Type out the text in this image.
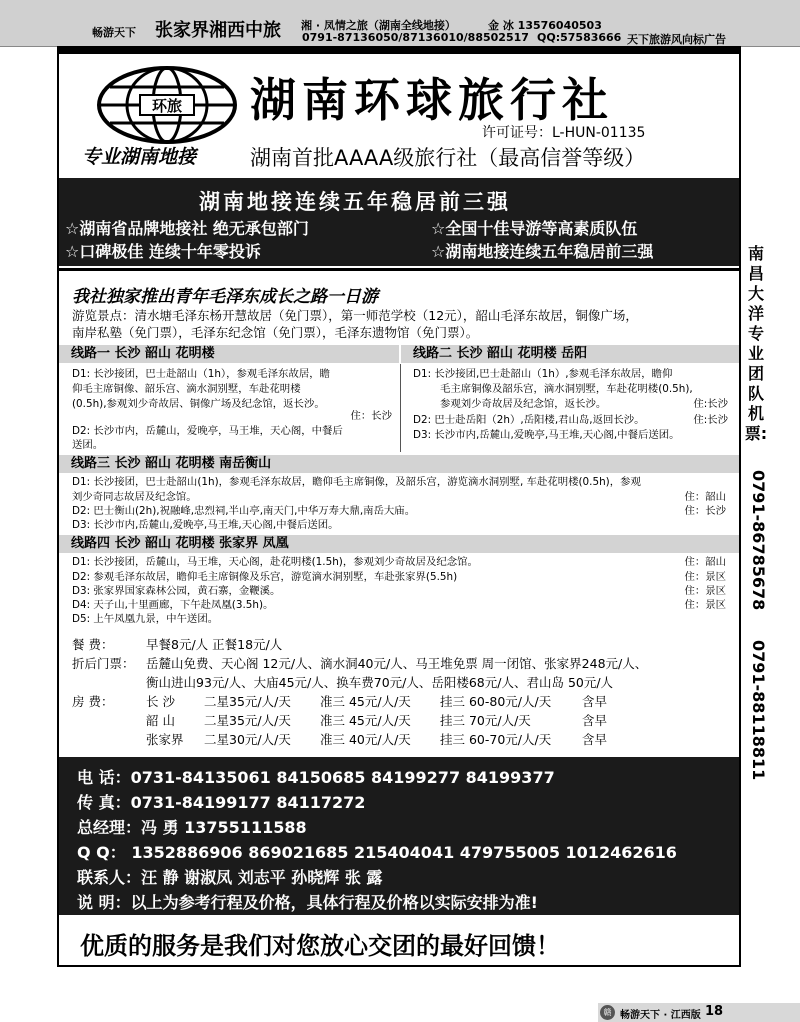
畅游天下 张家界湘西中旅 湘 · 凤情之旅（湖南全线地接）	金 冰 13576040503
0791-87136050/87136010/88502517 QQ:57583666 天下旅游风向标广告
环旅
专业湖南地接
湖南环球旅行社
许可证号：L-HUN-01135
湖南首批AAAA级旅行社（最高信誉等级）
湖南地接连续五年稳居前三强
☆湖南省品牌地接社 绝无承包部门	☆全国十佳导游等高素质队伍
☆口碑极佳 连续十年零投诉	☆湖南地接连续五年稳居前三强
我社独家推出青年毛泽东成长之路一日游
游览景点：清水塘毛泽东杨开慧故居（免门票），第一师范学校（12元），韶山毛泽东故居，铜像广场，
南岸私塾（免门票），毛泽东纪念馆（免门票），毛泽东遗物馆（免门票）。
线路一 长沙 韶山 花明楼	线路二 长沙 韶山 花明楼 岳阳
D1: 长沙接团，巴士赴韶山（1h），参观毛泽东故居，瞻
仰毛主席铜像、韶乐宫、滴水洞别墅，车赴花明楼
(0.5h),参观刘少奇故居、铜像广场及纪念馆，返长沙。
住：长沙
D2: 长沙市内，岳麓山，爱晚亭，马王堆，天心阁，中餐后
送团。
D1: 长沙接团,巴士赴韶山（1h）,参观毛泽东故居，瞻仰
毛主席铜像及韶乐宫，滴水洞别墅，车赴花明楼(0.5h),
参观刘少奇故居及纪念馆，返长沙。	住:长沙
D2: 巴士赴岳阳（2h）,岳阳楼,君山岛,返回长沙。	住:长沙
D3: 长沙市内,岳麓山,爱晚亭,马王堆,天心阁,中餐后送团。
线路三 长沙 韶山 花明楼 南岳衡山
D1: 长沙接团，巴士赴韶山(1h)，参观毛泽东故居，瞻仰毛主席铜像，及韶乐宫，游览滴水洞别墅, 车赴花明楼(0.5h)，参观
刘少奇同志故居及纪念馆。	住：韶山
D2: 巴士衡山(2h),祝融峰,忠烈祠,半山亭,南天门,中华万寿大鼎,南岳大庙。	住：长沙
D3: 长沙市内,岳麓山,爱晚亭,马王堆,天心阁,中餐后送团。
线路四 长沙 韶山 花明楼 张家界 凤凰
D1: 长沙接团，岳麓山，马王堆，天心阁，赴花明楼(1.5h)，参观刘少奇故居及纪念馆。	住：韶山
D2: 参观毛泽东故居，瞻仰毛主席铜像及乐宫，游览滴水洞别墅，车赴张家界(5.5h)	住：景区
D3: 张家界国家森林公园，黄石寨，金鞭溪。	住：景区
D4: 天子山,十里画廊，下午赴凤凰(3.5h)。	住：景区
D5: 上午凤凰九景，中午送团。
餐 费：	早餐8元/人 正餐18元/人
折后门票： 岳麓山免费、天心阁 12元/人、滴水洞40元/人、马王堆免票 周一闭馆、张家界248元/人、
衡山进山93元/人、大庙45元/人、换车费70元/人、岳阳楼68元/人、君山岛 50元/人
房 费：	长 沙 二星35元/人/天 准三 45元/人/天 挂三 60-80元/人/天 含早
韶 山 二星35元/人/天 准三 45元/人/天 挂三 70元/人/天	含早
张家界 二星30元/人/天 准三 40元/人/天 挂三 60-70元/人/天 含早
电 话：0731-84135061 84150685 84199277 84199377
传 真：0731-84199177 84117272
总经理：冯 勇 13755111588
Q Q： 1352886906 869021685 215404041 479755005 1012462616
联系人：汪 静 谢淑凤 刘志平 孙晓辉 张 露
说 明：以上为参考行程及价格，具体行程及价格以实际安排为准!
优质的服务是我们对您放心交团的最好回馈！
南昌大洋专业团队机票:
0791-86785678
0791-88118811
赣 畅游天下 · 江西版 18
